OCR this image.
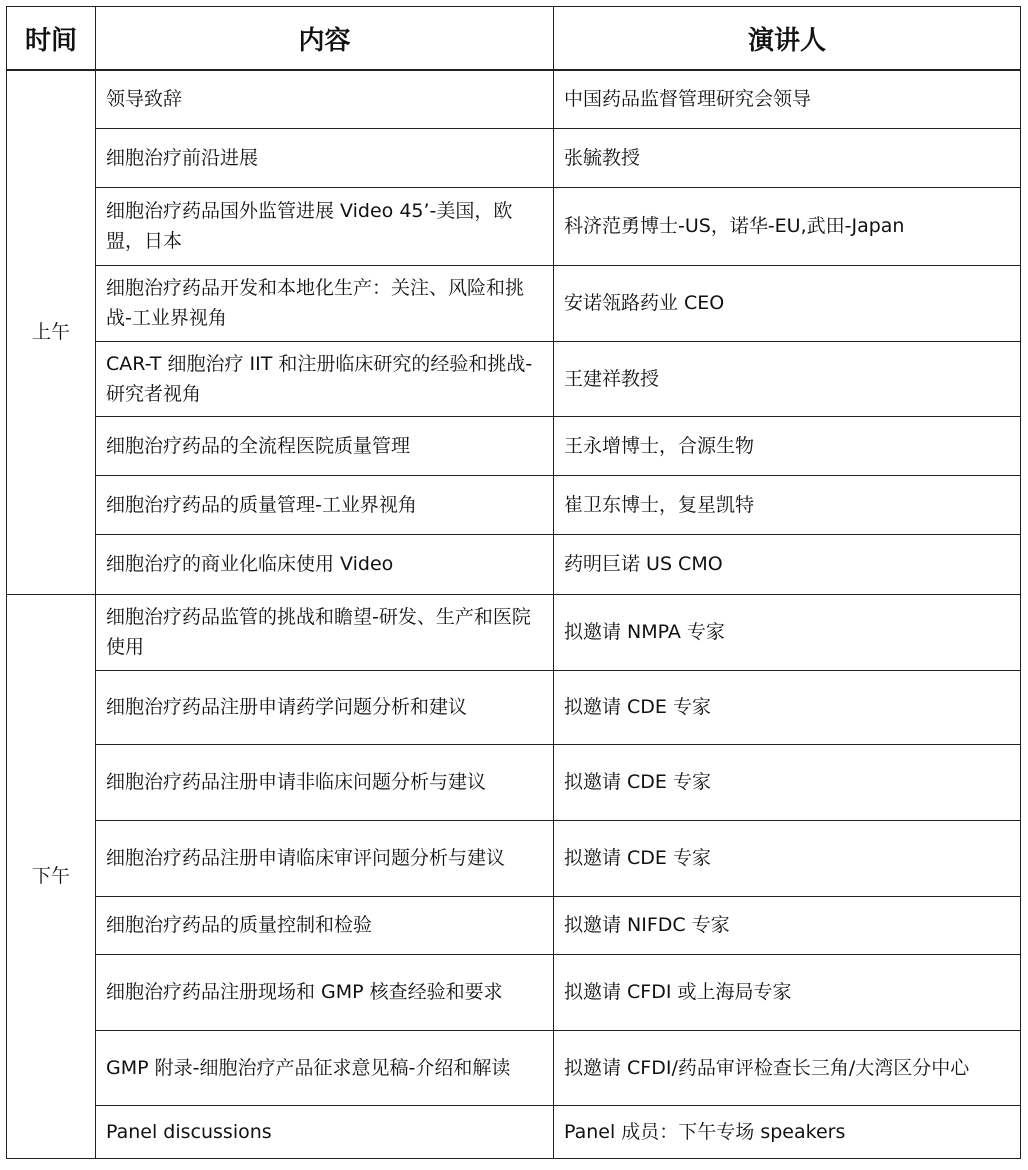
时间	内容	演讲人
上午	领导致辞	中国药品监督管理研究会领导
	细胞治疗前沿进展	张毓教授
	细胞治疗药品国外监管进展 Video 45’-美国，欧盟，日本	科济范勇博士-US，诺华-EU,武田-Japan
	细胞治疗药品开发和本地化生产：关注、风险和挑战-工业界视角	安诺瓴路药业 CEO
	CAR-T 细胞治疗 IIT 和注册临床研究的经验和挑战-研究者视角	王建祥教授
	细胞治疗药品的全流程医院质量管理	王永增博士，合源生物
	细胞治疗药品的质量管理-工业界视角	崔卫东博士，复星凯特
	细胞治疗的商业化临床使用 Video	药明巨诺 US CMO
下午	细胞治疗药品监管的挑战和瞻望-研发、生产和医院使用	拟邀请 NMPA 专家
	细胞治疗药品注册申请药学问题分析和建议	拟邀请 CDE 专家
	细胞治疗药品注册申请非临床问题分析与建议	拟邀请 CDE 专家
	细胞治疗药品注册申请临床审评问题分析与建议	拟邀请 CDE 专家
	细胞治疗药品的质量控制和检验	拟邀请 NIFDC 专家
	细胞治疗药品注册现场和 GMP 核查经验和要求	拟邀请 CFDI 或上海局专家
	GMP 附录-细胞治疗产品征求意见稿-介绍和解读	拟邀请 CFDI/药品审评检查长三角/大湾区分中心
	Panel discussions	Panel 成员：下午专场 speakers
